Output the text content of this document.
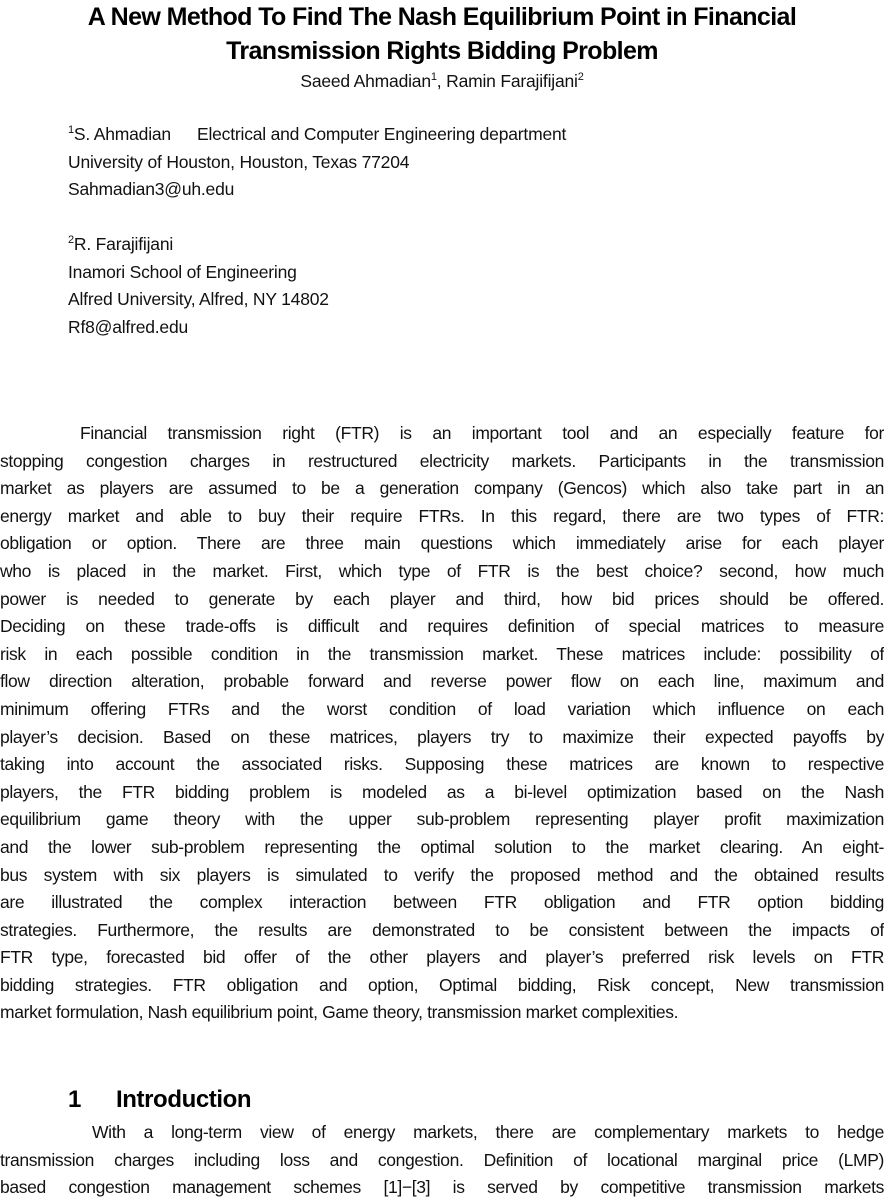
A New Method To Find The Nash Equilibrium Point in Financial
Transmission Rights Bidding Problem
Saeed Ahmadian$^1$, Ramin Farajifijani$^2$
$^1$S. Ahmadian Electrical and Computer Engineering department
University of Houston, Houston, Texas 77204
Sahmadian3@uh.edu
$^2$R. Farajifijani
Inamori School of Engineering
Alfred University, Alfred, NY 14802
Rf8@alfred.edu
Financial transmission right (FTR) is an important tool and an especially feature for
stopping congestion charges in restructured electricity markets. Participants in the transmission
market as players are assumed to be a generation company (Gencos) which also take part in an
energy market and able to buy their require FTRs. In this regard, there are two types of FTR:
obligation or option. There are three main questions which immediately arise for each player
who is placed in the market. First, which type of FTR is the best choice? second, how much
power is needed to generate by each player and third, how bid prices should be offered.
Deciding on these trade-offs is difficult and requires definition of special matrices to measure
risk in each possible condition in the transmission market. These matrices include: possibility of
flow direction alteration, probable forward and reverse power flow on each line, maximum and
minimum offering FTRs and the worst condition of load variation which influence on each
player’s decision. Based on these matrices, players try to maximize their expected payoffs by
taking into account the associated risks. Supposing these matrices are known to respective
players, the FTR bidding problem is modeled as a bi-level optimization based on the Nash
equilibrium game theory with the upper sub-problem representing player profit maximization
and the lower sub-problem representing the optimal solution to the market clearing. An eight-
bus system with six players is simulated to verify the proposed method and the obtained results
are illustrated the complex interaction between FTR obligation and FTR option bidding
strategies. Furthermore, the results are demonstrated to be consistent between the impacts of
FTR type, forecasted bid offer of the other players and player’s preferred risk levels on FTR
bidding strategies. FTR obligation and option, Optimal bidding, Risk concept, New transmission
market formulation, Nash equilibrium point, Game theory, transmission market complexities.
1 Introduction
With a long-term view of energy markets, there are complementary markets to hedge
transmission charges including loss and congestion. Definition of locational marginal price (LMP)
based congestion management schemes [1]−[3] is served by competitive transmission markets
